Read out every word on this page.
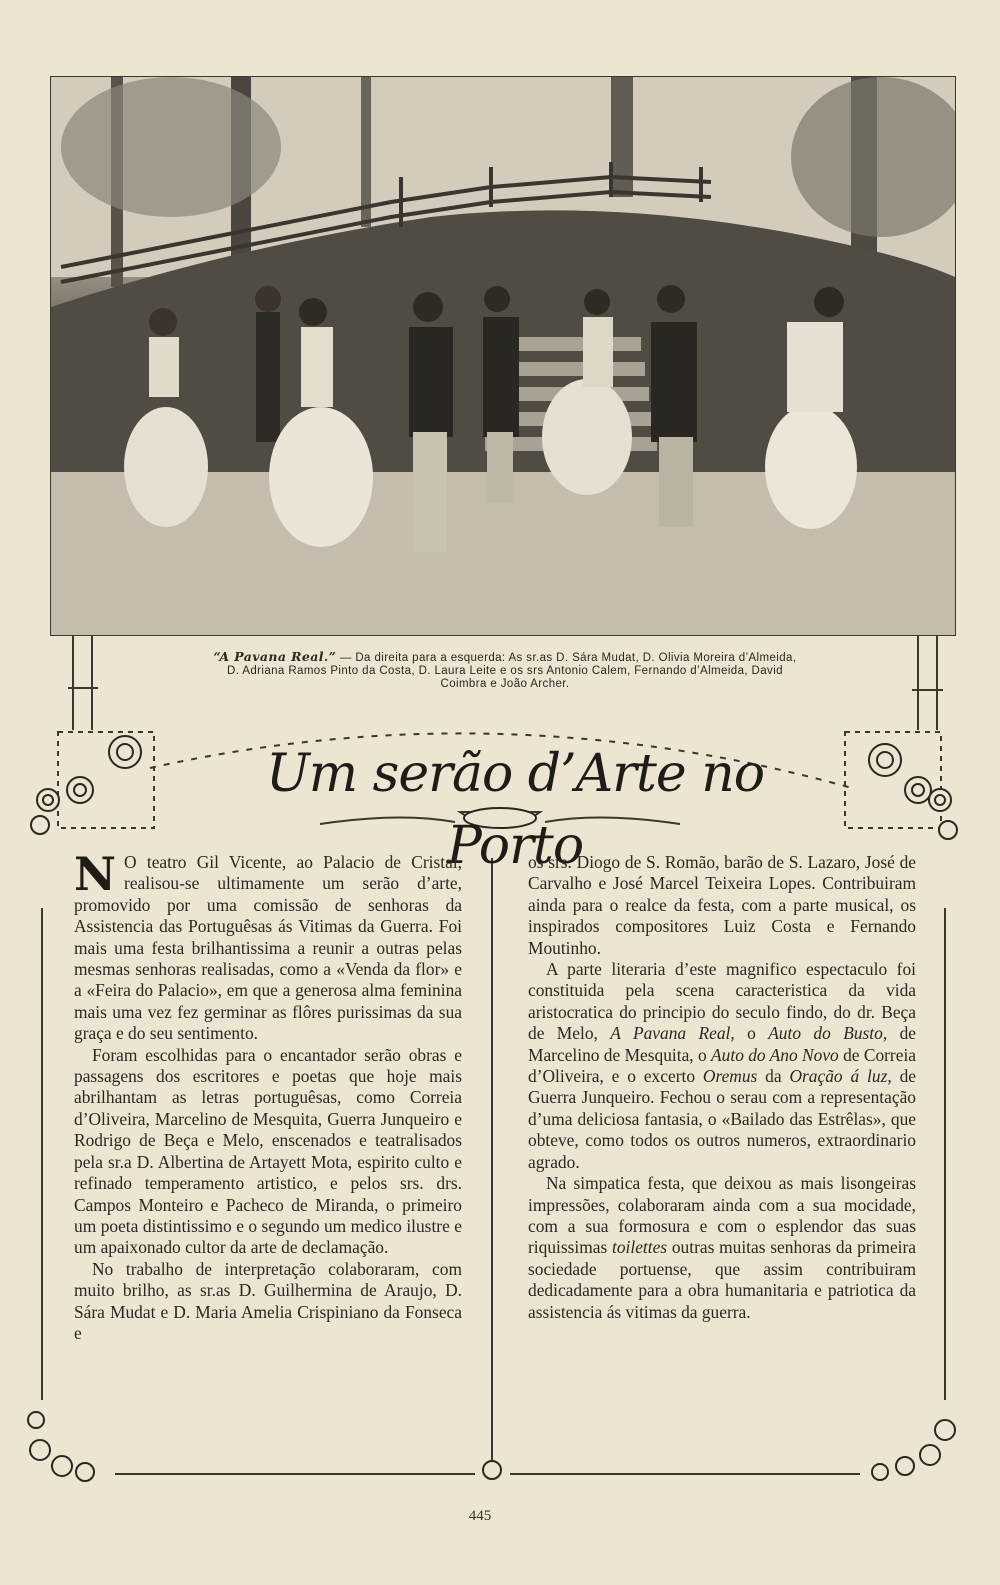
“A Pavana Real.” — Da direita para a esquerda: As sr.as D. Sára Mudat, D. Olivia Moreira d’Almeida,
D. Adriana Ramos Pinto da Costa, D. Laura Leite e os srs Antonio Calem, Fernando d’Almeida, David
Coimbra e João Archer.
Um serão d’Arte no Porto

N O teatro Gil Vicente, ao Palacio de Cristal, realisou-se ultimamente um serão d’arte, promovido por uma comissão de senhoras da Assistencia das Portuguêsas ás Vitimas da Guerra. Foi mais uma festa brilhantissima a reunir a outras pelas mesmas senhoras realisadas, como a «Venda da flor» e a «Feira do Palacio», em que a generosa alma feminina mais uma vez fez germinar as flôres purissimas da sua graça e do seu sentimento.

Foram escolhidas para o encantador serão obras e passagens dos escritores e poetas que hoje mais abrilhantam as letras portuguêsas, como Correia d’Oliveira, Marcelino de Mesquita, Guerra Junqueiro e Rodrigo de Beça e Melo, enscenados e teatralisados pela sr.a D. Albertina de Artayett Mota, espirito culto e refinado temperamento artistico, e pelos srs. drs. Campos Monteiro e Pacheco de Miranda, o primeiro um poeta distintissimo e o segundo um medico ilustre e um apaixonado cultor da arte de declamação.

No trabalho de interpretação colaboraram, com muito brilho, as sr.as D. Guilhermina de Araujo, D. Sára Mudat e D. Maria Amelia Crispiniano da Fonseca e

os srs. Diogo de S. Romão, barão de S. Lazaro, José de Carvalho e José Marcel Teixeira Lopes. Contribuiram ainda para o realce da festa, com a parte musical, os inspirados compositores Luiz Costa e Fernando Moutinho.

A parte literaria d’este magnifico espectaculo foi constituida pela scena caracteristica da vida aristocratica do principio do seculo findo, do dr. Beça de Melo, A Pavana Real, o Auto do Busto, de Marcelino de Mesquita, o Auto do Ano Novo de Correia d’Oliveira, e o excerto Oremus da Oração á luz, de Guerra Junqueiro. Fechou o serau com a representação d’uma deliciosa fantasia, o «Bailado das Estrêlas», que obteve, como todos os outros numeros, extraordinario agrado.

Na simpatica festa, que deixou as mais lisongeiras impressões, colaboraram ainda com a sua mocidade, com a sua formosura e com o esplendor das suas riquissimas toilettes outras muitas senhoras da primeira sociedade portuense, que assim contribuiram dedicadamente para a obra humanitaria e patriotica da assistencia ás vitimas da guerra.

445
